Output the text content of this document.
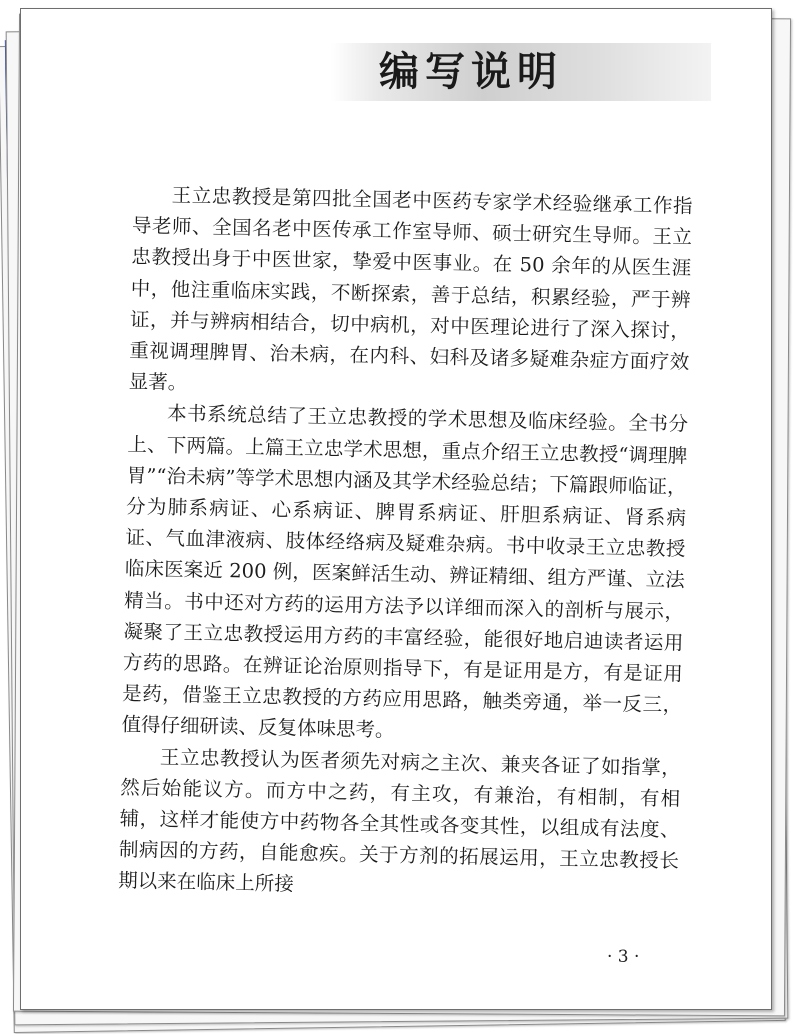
编写说明

王立忠教授是第四批全国老中医药专家学术经验继承工作指导老师、全国名老中医传承工作室导师、硕士研究生导师。王立忠教授出身于中医世家，挚爱中医事业。在 50 余年的从医生涯中，他注重临床实践，不断探索，善于总结，积累经验，严于辨证，并与辨病相结合，切中病机，对中医理论进行了深入探讨，重视调理脾胃、治未病，在内科、妇科及诸多疑难杂症方面疗效显著。

本书系统总结了王立忠教授的学术思想及临床经验。全书分上、下两篇。上篇王立忠学术思想，重点介绍王立忠教授“调理脾胃”“治未病”等学术思想内涵及其学术经验总结；下篇跟师临证，分为肺系病证、心系病证、脾胃系病证、肝胆系病证、肾系病证、气血津液病、肢体经络病及疑难杂病。书中收录王立忠教授临床医案近 200 例，医案鲜活生动、辨证精细、组方严谨、立法精当。书中还对方药的运用方法予以详细而深入的剖析与展示，凝聚了王立忠教授运用方药的丰富经验，能很好地启迪读者运用方药的思路。在辨证论治原则指导下，有是证用是方，有是证用是药，借鉴王立忠教授的方药应用思路，触类旁通，举一反三，值得仔细研读、反复体味思考。

王立忠教授认为医者须先对病之主次、兼夹各证了如指掌，然后始能议方。而方中之药，有主攻，有兼治，有相制，有相辅，这样才能使方中药物各全其性或各变其性，以组成有法度、制病因的方药，自能愈疾。关于方剂的拓展运用，王立忠教授长期以来在临床上所接

· 3 ·
